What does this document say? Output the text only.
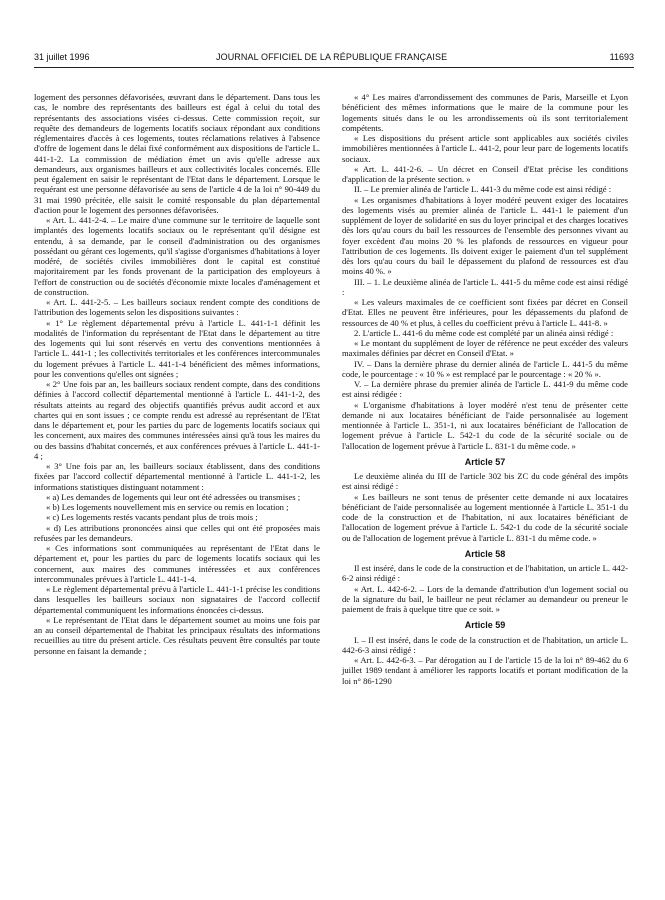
31 juillet 1996	JOURNAL OFFICIEL DE LA RÉPUBLIQUE FRANÇAISE	11693

logement des personnes défavorisées, œuvrant dans le département. Dans tous les cas, le nombre des représentants des bailleurs est égal à celui du total des représentants des associations visées ci-dessus. Cette commission reçoit, sur requête des demandeurs de logements locatifs sociaux répondant aux conditions réglementaires d'accès à ces logements, toutes réclamations relatives à l'absence d'offre de logement dans le délai fixé conformément aux dispositions de l'article L. 441-1-2. La commission de médiation émet un avis qu'elle adresse aux demandeurs, aux organismes bailleurs et aux collectivités locales concernés. Elle peut également en saisir le représentant de l'Etat dans le département. Lorsque le requérant est une personne défavorisée au sens de l'article 4 de la loi n° 90-449 du 31 mai 1990 précitée, elle saisit le comité responsable du plan départemental d'action pour le logement des personnes défavorisées.

« Art. L. 441-2-4. – Le maire d'une commune sur le territoire de laquelle sont implantés des logements locatifs sociaux ou le représentant qu'il désigne est entendu, à sa demande, par le conseil d'administration ou des organismes possédant ou gérant ces logements, qu'il s'agisse d'organismes d'habitations à loyer modéré, de sociétés civiles immobilières dont le capital est constitué majoritairement par les fonds provenant de la participation des employeurs à l'effort de construction ou de sociétés d'économie mixte locales d'aménagement et de construction.

« Art. L. 441-2-5. – Les bailleurs sociaux rendent compte des conditions de l'attribution des logements selon les dispositions suivantes :

« 1° Le règlement départemental prévu à l'article L. 441-1-1 définit les modalités de l'information du représentant de l'Etat dans le département au titre des logements qui lui sont réservés en vertu des conventions mentionnées à l'article L. 441-1 ; les collectivités territoriales et les conférences intercommunales du logement prévues à l'article L. 441-1-4 bénéficient des mêmes informations, pour les conventions qu'elles ont signées ;

« 2° Une fois par an, les bailleurs sociaux rendent compte, dans des conditions définies à l'accord collectif départemental mentionné à l'article L. 441-1-2, des résultats atteints au regard des objectifs quantifiés prévus audit accord et aux chartes qui en sont issues ; ce compte rendu est adressé au représentant de l'Etat dans le département et, pour les parties du parc de logements locatifs sociaux qui les concernent, aux maires des communes intéressées ainsi qu'à tous les maires du ou des bassins d'habitat concernés, et aux conférences prévues à l'article L. 441-1-4 ;

« 3° Une fois par an, les bailleurs sociaux établissent, dans des conditions fixées par l'accord collectif départemental mentionné à l'article L. 441-1-2, les informations statistiques distinguant notamment :

« a) Les demandes de logements qui leur ont été adressées ou transmises ;

« b) Les logements nouvellement mis en service ou remis en location ;

« c) Les logements restés vacants pendant plus de trois mois ;

« d) Les attributions prononcées ainsi que celles qui ont été proposées mais refusées par les demandeurs.

« Ces informations sont communiquées au représentant de l'Etat dans le département et, pour les parties du parc de logements locatifs sociaux qui les concernent, aux maires des communes intéressées et aux conférences intercommunales prévues à l'article L. 441-1-4.

« Le règlement départemental prévu à l'article L. 441-1-1 précise les conditions dans lesquelles les bailleurs sociaux non signataires de l'accord collectif départemental communiquent les informations énoncées ci-dessus.

« Le représentant de l'Etat dans le département soumet au moins une fois par an au conseil départemental de l'habitat les principaux résultats des informations recueillies au titre du présent article. Ces résultats peuvent être consultés par toute personne en faisant la demande ;

« 4° Les maires d'arrondissement des communes de Paris, Marseille et Lyon bénéficient des mêmes informations que le maire de la commune pour les logements situés dans le ou les arrondissements où ils sont territorialement compétents.

« Les dispositions du présent article sont applicables aux sociétés civiles immobilières mentionnées à l'article L. 441-2, pour leur parc de logements locatifs sociaux.

« Art. L. 441-2-6. – Un décret en Conseil d'Etat précise les conditions d'application de la présente section. »

II. – Le premier alinéa de l'article L. 441-3 du même code est ainsi rédigé :

« Les organismes d'habitations à loyer modéré peuvent exiger des locataires des logements visés au premier alinéa de l'article L. 441-1 le paiement d'un supplément de loyer de solidarité en sus du loyer principal et des charges locatives dès lors qu'au cours du bail les ressources de l'ensemble des personnes vivant au foyer excèdent d'au moins 20 % les plafonds de ressources en vigueur pour l'attribution de ces logements. Ils doivent exiger le paiement d'un tel supplément dès lors qu'au cours du bail le dépassement du plafond de ressources est d'au moins 40 %. »

III. – 1. Le deuxième alinéa de l'article L. 441-5 du même code est ainsi rédigé :

« Les valeurs maximales de ce coefficient sont fixées par décret en Conseil d'Etat. Elles ne peuvent être inférieures, pour les dépassements du plafond de ressources de 40 % et plus, à celles du coefficient prévu à l'article L. 441-8. »

2. L'article L. 441-6 du même code est complété par un alinéa ainsi rédigé :

« Le montant du supplément de loyer de référence ne peut excéder des valeurs maximales définies par décret en Conseil d'Etat. »

IV. – Dans la dernière phrase du dernier alinéa de l'article L. 441-5 du même code, le pourcentage : « 10 % » est remplacé par le pourcentage : « 20 % ».

V. – La dernière phrase du premier alinéa de l'article L. 441-9 du même code est ainsi rédigée :

« L'organisme d'habitations à loyer modéré n'est tenu de présenter cette demande ni aux locataires bénéficiant de l'aide personnalisée au logement mentionnée à l'article L. 351-1, ni aux locataires bénéficiant de l'allocation de logement prévue à l'article L. 542-1 du code de la sécurité sociale ou de l'allocation de logement prévue à l'article L. 831-1 du même code. »

Article 57

Le deuxième alinéa du III de l'article 302 bis ZC du code général des impôts est ainsi rédigé :

« Les bailleurs ne sont tenus de présenter cette demande ni aux locataires bénéficiant de l'aide personnalisée au logement mentionnée à l'article L. 351-1 du code de la construction et de l'habitation, ni aux locataires bénéficiant de l'allocation de logement prévue à l'article L. 542-1 du code de la sécurité sociale ou de l'allocation de logement prévue à l'article L. 831-1 du même code. »

Article 58

Il est inséré, dans le code de la construction et de l'habitation, un article L. 442-6-2 ainsi rédigé :

« Art. L. 442-6-2. – Lors de la demande d'attribution d'un logement social ou de la signature du bail, le bailleur ne peut réclamer au demandeur ou preneur le paiement de frais à quelque titre que ce soit. »

Article 59

I. – Il est inséré, dans le code de la construction et de l'habitation, un article L. 442-6-3 ainsi rédigé :

« Art. L. 442-6-3. – Par dérogation au I de l'article 15 de la loi n° 89-462 du 6 juillet 1989 tendant à améliorer les rapports locatifs et portant modification de la loi n° 86-1290
